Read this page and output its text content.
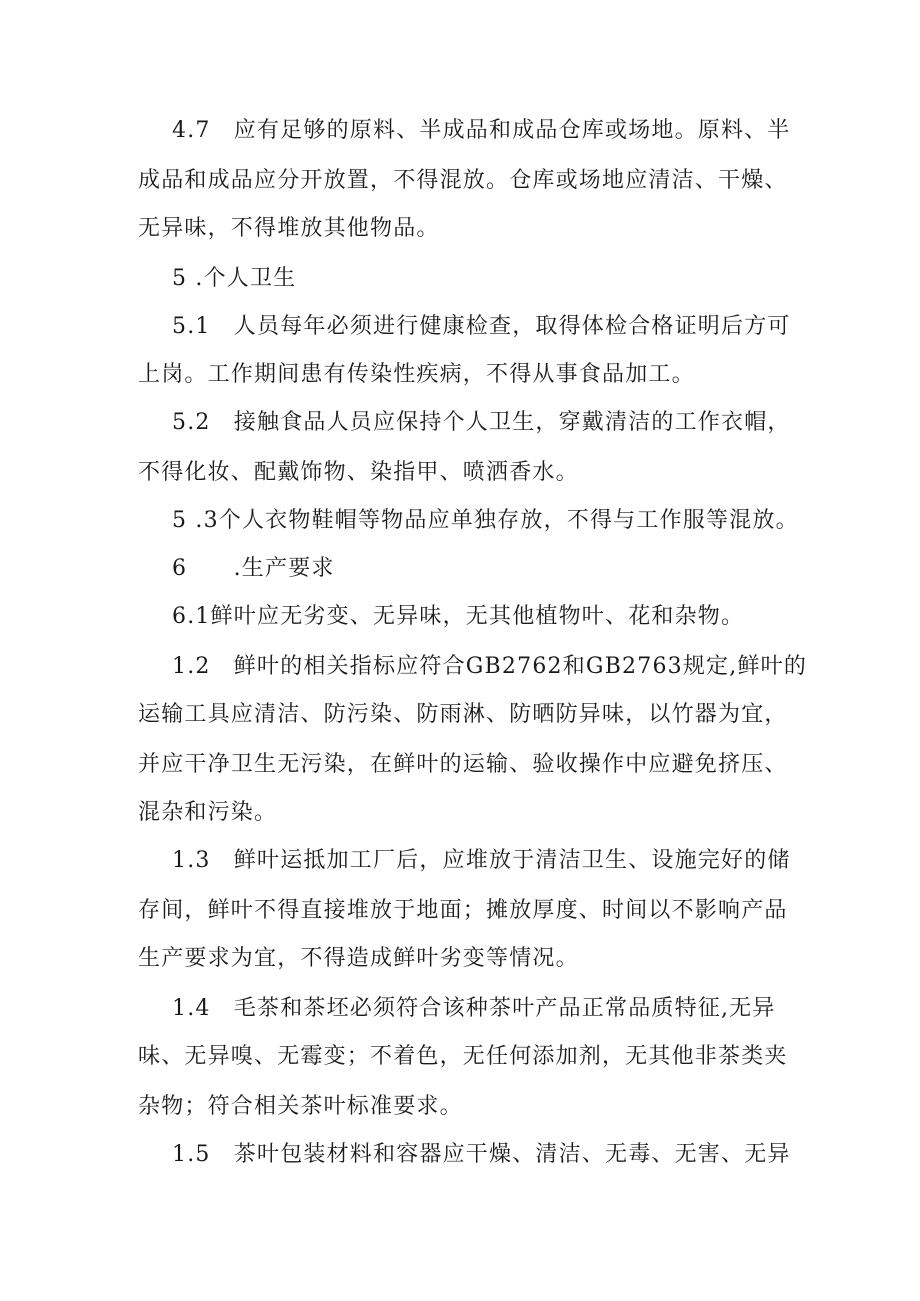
4.7　应有足够的原料、半成品和成品仓库或场地。原料、半
成品和成品应分开放置，不得混放。仓库或场地应清洁、干燥、
无异味，不得堆放其他物品。
5 .个人卫生
5.1　人员每年必须进行健康检查，取得体检合格证明后方可
上岗。工作期间患有传染性疾病，不得从事食品加工。
5.2　接触食品人员应保持个人卫生，穿戴清洁的工作衣帽，
不得化妆、配戴饰物、染指甲、喷洒香水。
5 .3个人衣物鞋帽等物品应单独存放，不得与工作服等混放。
6　　.生产要求
6.1鲜叶应无劣变、无异味，无其他植物叶、花和杂物。
1.2　鲜叶的相关指标应符合GB2762和GB2763规定,鲜叶的
运输工具应清洁、防污染、防雨淋、防晒防异味，以竹器为宜，
并应干净卫生无污染，在鲜叶的运输、验收操作中应避免挤压、
混杂和污染。
1.3　鲜叶运抵加工厂后，应堆放于清洁卫生、设施完好的储
存间，鲜叶不得直接堆放于地面；摊放厚度、时间以不影响产品
生产要求为宜，不得造成鲜叶劣变等情况。
1.4　毛茶和茶坯必须符合该种茶叶产品正常品质特征,无异
味、无异嗅、无霉变；不着色，无任何添加剂，无其他非茶类夹
杂物；符合相关茶叶标准要求。
1.5　茶叶包装材料和容器应干燥、清洁、无毒、无害、无异
